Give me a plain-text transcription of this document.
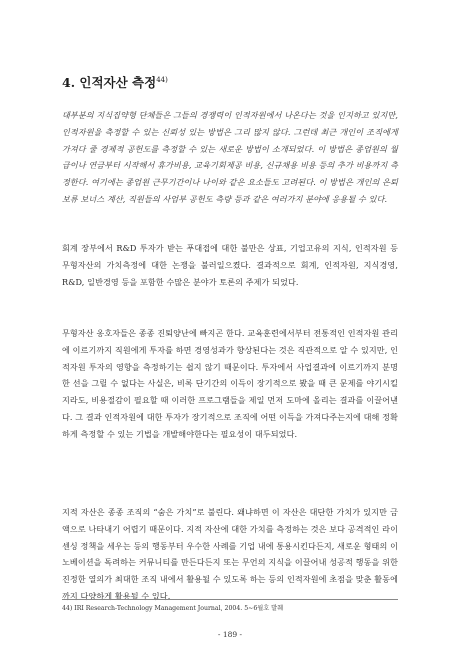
4. 인적자산 측정$^{44)}$
대부분의 지식집약형 단체들은 그들의 경쟁력이 인적자원에서 나온다는 것을 인지하고 있지만, 인적자원을 측정할 수 있는 신뢰성 있는 방법은 그리 많지 않다. 그런데 최근 개인이 조직에게 가져다 줄 경제적 공헌도를 측정할 수 있는 새로운 방법이 소개되었다. 이 방법은 종업원의 월급이나 연금부터 시작해서 휴가비용, 교육기회제공 비용, 신규채용 비용 등의 추가 비용까지 측정한다. 여기에는 종업원 근무기간이나 나이와 같은 요소들도 고려된다. 이 방법은 개인의 은퇴보류 보너스 계산, 직원들의 사업부 공헌도 측량 등과 같은 여러가지 분야에 응용될 수 있다.
회계 장부에서 R&D 투자가 받는 푸대접에 대한 불만은 상표, 기업고유의 지식, 인적자원 등 무형자산의 가치측정에 대한 논쟁을 불러일으켰다. 결과적으로 회계, 인적자원, 지식경영, R&D, 일반경영 등을 포함한 수많은 분야가 토론의 주제가 되었다.
무형자산 옹호자들은 종종 진퇴양난에 빠지곤 한다. 교육훈련에서부터 전통적인 인적자원 관리에 이르기까지 직원에게 투자를 하면 경영성과가 향상된다는 것은 직관적으로 알 수 있지만, 인적자원 투자의 영향을 측정하기는 쉽지 않기 때문이다. 투자에서 사업결과에 이르기까지 분명한 선을 그릴 수 없다는 사실은, 비록 단기간의 이득이 장기적으로 봤을 때 큰 문제를 야기시킬지라도, 비용절감이 필요할 때 이러한 프로그램들을 제일 먼저 도마에 올리는 결과를 이끌어낸다. 그 결과 인적자원에 대한 투자가 장기적으로 조직에 어떤 이득을 가져다주는지에 대해 정확하게 측정할 수 있는 기법을 개발해야한다는 필요성이 대두되었다.
지적 자산은 종종 조직의 “숨은 가치”로 불린다. 왜냐하면 이 자산은 대단한 가치가 있지만 금액으로 나타내기 어렵기 때문이다. 지적 자산에 대한 가치를 측정하는 것은 보다 공격적인 라이센싱 정책을 세우는 등의 행동부터 우수한 사례를 기업 내에 통용시킨다든지, 새로운 형태의 이노베이션을 독려하는 커뮤니티를 만든다든지 또는 무언의 지식을 이끌어내 성공적 행동을 위한 진정한 열의가 최대한 조직 내에서 활용될 수 있도록 하는 등의 인적자원에 초점을 맞춘 활동에까지 다양하게 활용될 수 있다.
44) IRI Research-Technology Management Journal, 2004. 5~6월호 발췌
- 189 -
